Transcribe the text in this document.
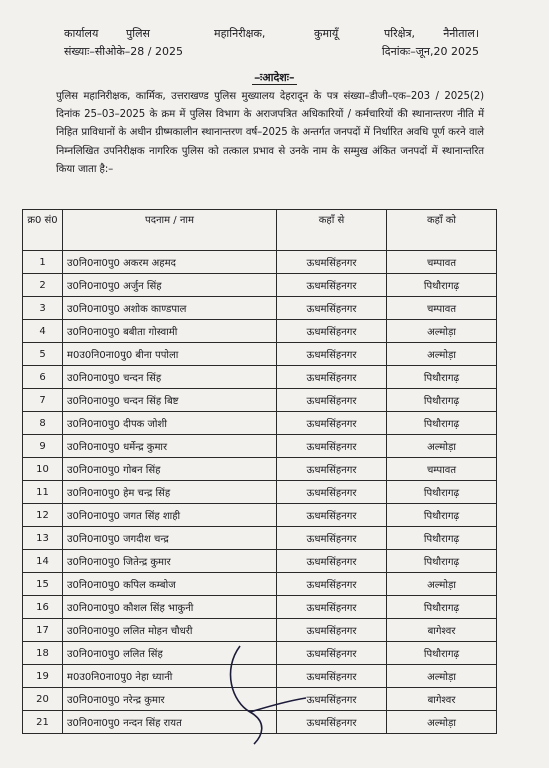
कार्यालय	पुलिस	महानिरीक्षक,	कुमायूँ	परिक्षेत्र,	नैनीताल।
संख्याः–सीओके–28 / 2025	दिनांकः–जून,20 2025
–ःआदेशः–
पुलिस महानिरीक्षक, कार्मिक, उत्तराखण्ड पुलिस मुख्यालय देहरादून के पत्र संख्या–डीजी–एक–203 / 2025(2) दिनांक 25–03–2025 के क्रम में पुलिस विभाग के अराजपत्रित अधिकारियों / कर्मचारियों की स्थानान्तरण नीति में निहित प्राविधानों के अधीन ग्रीष्मकालीन स्थानान्तरण वर्ष–2025 के अन्तर्गत जनपदों में निर्धारित अवधि पूर्ण करने वाले निम्नलिखित उपनिरीक्षक नागरिक पुलिस को तत्काल प्रभाव से उनके नाम के सम्मुख अंकित जनपदों में स्थानान्तरित किया जाता है:–
क्र0 सं0	पदनाम / नाम	कहाँ से	कहाँ को
1	उ0नि0ना0पु0 अकरम अहमद	ऊधमसिंहनगर	चम्पावत
2	उ0नि0ना0पु0 अर्जुन सिंह	ऊधमसिंहनगर	पिथौरागढ़
3	उ0नि0ना0पु0 अशोक काण्डपाल	ऊधमसिंहनगर	चम्पावत
4	उ0नि0ना0पु0 बबीता गोस्वामी	ऊधमसिंहनगर	अल्मोड़ा
5	म0उ0नि0ना0पु0 बीना पपोला	ऊधमसिंहनगर	अल्मोड़ा
6	उ0नि0ना0पु0 चन्दन सिंह	ऊधमसिंहनगर	पिथौरागढ़
7	उ0नि0ना0पु0 चन्दन सिंह बिष्ट	ऊधमसिंहनगर	पिथौरागढ़
8	उ0नि0ना0पु0 दीपक जोशी	ऊधमसिंहनगर	पिथौरागढ़
9	उ0नि0ना0पु0 धर्मेन्द्र कुमार	ऊधमसिंहनगर	अल्मोड़ा
10	उ0नि0ना0पु0 गोबन सिंह	ऊधमसिंहनगर	चम्पावत
11	उ0नि0ना0पु0 हेम चन्द्र सिंह	ऊधमसिंहनगर	पिथौरागढ़
12	उ0नि0ना0पु0 जगत सिंह शाही	ऊधमसिंहनगर	पिथौरागढ़
13	उ0नि0ना0पु0 जगदीश चन्द्र	ऊधमसिंहनगर	पिथौरागढ़
14	उ0नि0ना0पु0 जितेन्द्र कुमार	ऊधमसिंहनगर	पिथौरागढ़
15	उ0नि0ना0पु0 कपिल कम्बोज	ऊधमसिंहनगर	अल्मोड़ा
16	उ0नि0ना0पु0 कौशल सिंह भाकुनी	ऊधमसिंहनगर	पिथौरागढ़
17	उ0नि0ना0पु0 ललित मोहन चौधरी	ऊधमसिंहनगर	बागेश्वर
18	उ0नि0ना0पु0 ललित सिंह	ऊधमसिंहनगर	पिथौरागढ़
19	म0उ0नि0ना0पु0 नेहा ध्यानी	ऊधमसिंहनगर	अल्मोड़ा
20	उ0नि0ना0पु0 नरेन्द्र कुमार	ऊधमसिंहनगर	बागेश्वर
21	उ0नि0ना0पु0 नन्दन सिंह रायत	ऊधमसिंहनगर	अल्मोड़ा
